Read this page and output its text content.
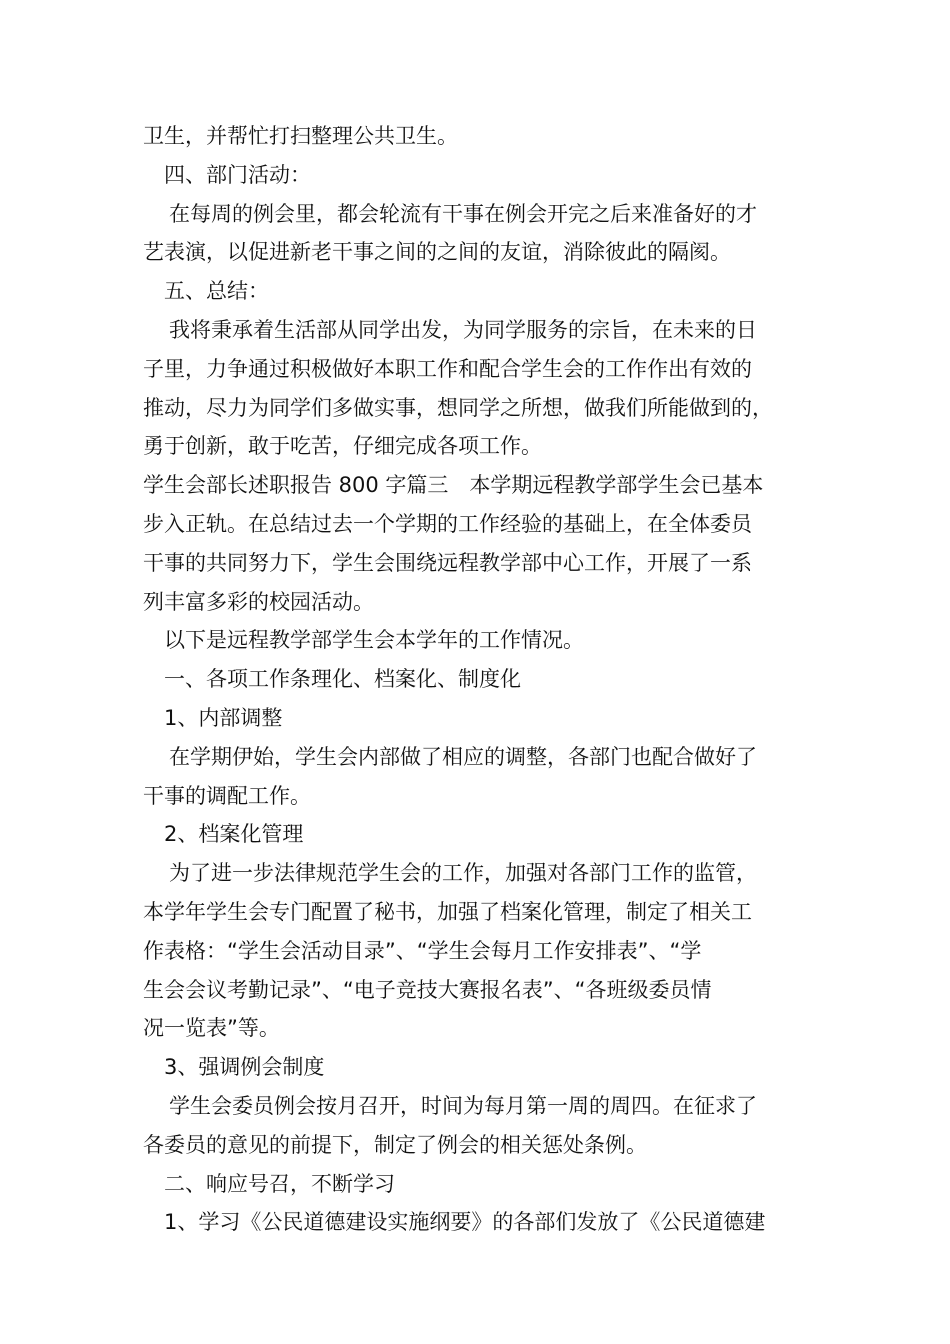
卫生，并帮忙打扫整理公共卫生。

四、部门活动：

在每周的例会里，都会轮流有干事在例会开完之后来准备好的才

艺表演，以促进新老干事之间的之间的友谊，消除彼此的隔阂。

五、总结：

我将秉承着生活部从同学出发，为同学服务的宗旨，在未来的日

子里，力争通过积极做好本职工作和配合学生会的工作作出有效的

推动，尽力为同学们多做实事，想同学之所想，做我们所能做到的，

勇于创新，敢于吃苦，仔细完成各项工作。

学生会部长述职报告 800 字篇三　本学期远程教学部学生会已基本

步入正轨。在总结过去一个学期的工作经验的基础上，在全体委员

干事的共同努力下，学生会围绕远程教学部中心工作，开展了一系

列丰富多彩的校园活动。

以下是远程教学部学生会本学年的工作情况。

一、各项工作条理化、档案化、制度化

1、内部调整

在学期伊始，学生会内部做了相应的调整，各部门也配合做好了

干事的调配工作。

2、档案化管理

为了进一步法律规范学生会的工作，加强对各部门工作的监管，

本学年学生会专门配置了秘书，加强了档案化管理，制定了相关工

作表格：“学生会活动目录”、“学生会每月工作安排表”、“学

生会会议考勤记录”、“电子竞技大赛报名表”、“各班级委员情

况一览表”等。

3、强调例会制度

学生会委员例会按月召开，时间为每月第一周的周四。在征求了

各委员的意见的前提下，制定了例会的相关惩处条例。

二、响应号召，不断学习

1、学习《公民道德建设实施纲要》的各部们发放了《公民道德建
